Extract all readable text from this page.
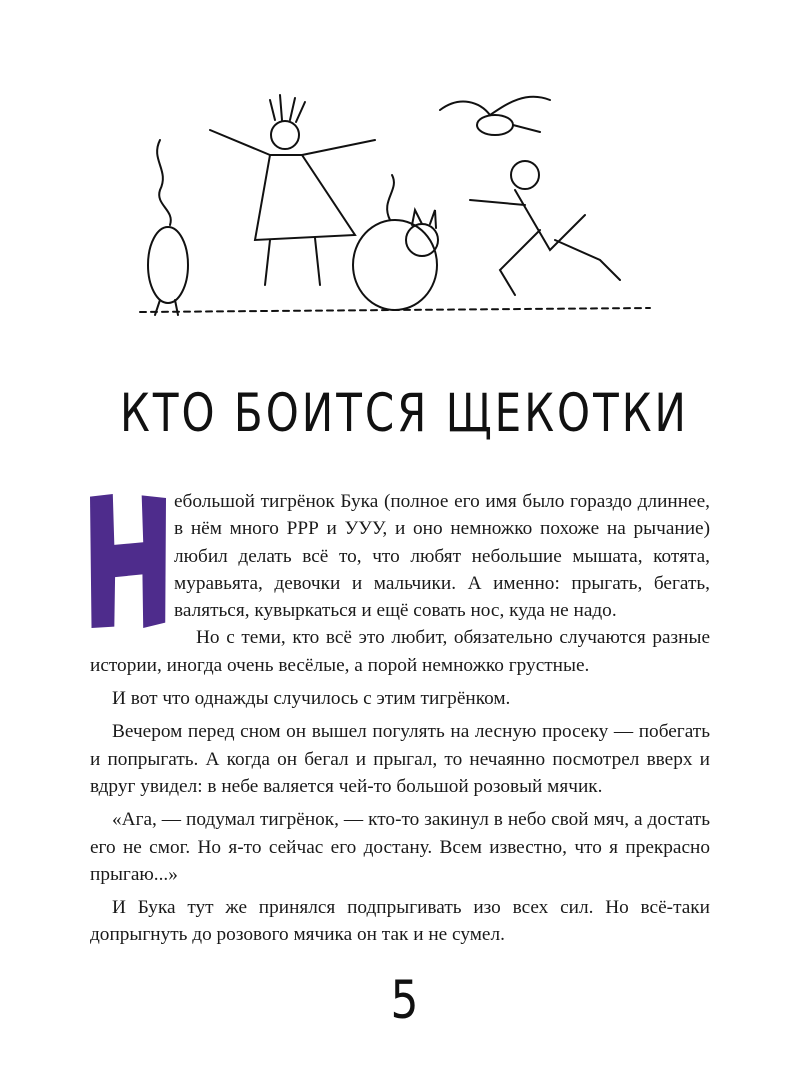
КТО БОИТСЯ ЩЕКОТКИ
Н	ебольшой тигрёнок Бука (полное его имя было гораздо длиннее, в нём много РРР и УУУ, и оно немножко похоже на рычание) любил делать всё то, что любят небольшие мышата, котята, муравьята, девочки и мальчики. А именно: прыгать, бегать, валяться, кувыркаться и ещё совать нос, куда не надо.

Но с теми, кто всё это любит, обязательно случаются разные истории, иногда очень весёлые, а порой немножко грустные.

И вот что однажды случилось с этим тигрёнком.

Вечером перед сном он вышел погулять на лесную просеку — побегать и попрыгать. А когда он бегал и прыгал, то нечаянно посмотрел вверх и вдруг увидел: в небе валяется чей-то большой розовый мячик.

«Ага, — подумал тигрёнок, — кто-то закинул в небо свой мяч, а достать его не смог. Но я-то сейчас его достану. Всем известно, что я прекрасно прыгаю...»

И Бука тут же принялся подпрыгивать изо всех сил. Но всё-таки допрыгнуть до розового мячика он так и не сумел.

5
